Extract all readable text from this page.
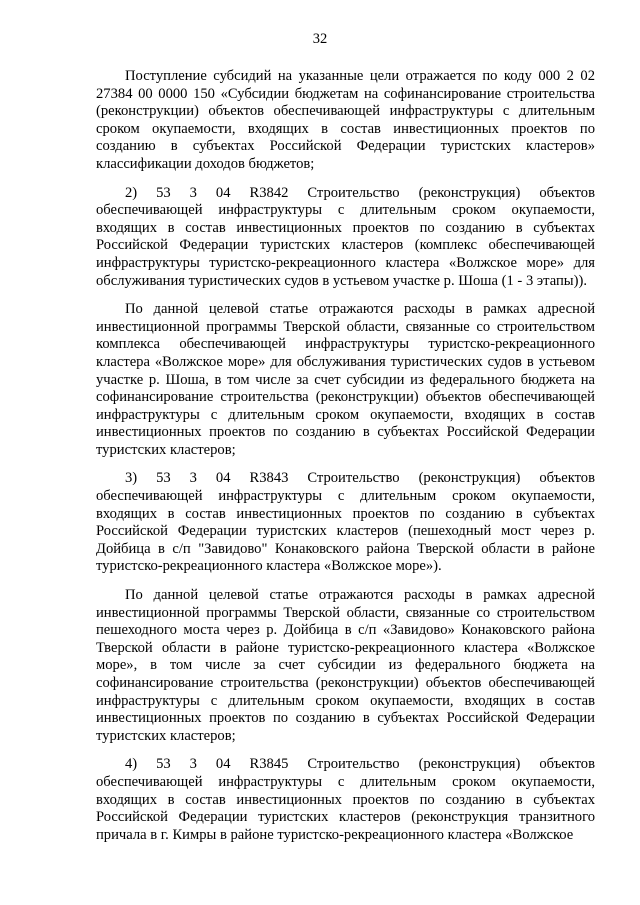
32

Поступление субсидий на указанные цели отражается по коду 000 2 02 27384 00 0000 150 «Субсидии бюджетам на софинансирование строительства (реконструкции) объектов обеспечивающей инфраструктуры с длительным сроком окупаемости, входящих в состав инвестиционных проектов по созданию в субъектах Российской Федерации туристских кластеров» классификации доходов бюджетов;

2) 53 3 04 R3842 Строительство (реконструкция) объектов обеспечивающей инфраструктуры с длительным сроком окупаемости, входящих в состав инвестиционных проектов по созданию в субъектах Российской Федерации туристских кластеров (комплекс обеспечивающей инфраструктуры туристско-рекреационного кластера «Волжское море» для обслуживания туристических судов в устьевом участке р. Шоша (1 - 3 этапы)).

По данной целевой статье отражаются расходы в рамках адресной инвестиционной программы Тверской области, связанные со строительством комплекса обеспечивающей инфраструктуры туристско-рекреационного кластера «Волжское море» для обслуживания туристических судов в устьевом участке р. Шоша, в том числе за счет субсидии из федерального бюджета на софинансирование строительства (реконструкции) объектов обеспечивающей инфраструктуры с длительным сроком окупаемости, входящих в состав инвестиционных проектов по созданию в субъектах Российской Федерации туристских кластеров;

3) 53 3 04 R3843 Строительство (реконструкция) объектов обеспечивающей инфраструктуры с длительным сроком окупаемости, входящих в состав инвестиционных проектов по созданию в субъектах Российской Федерации туристских кластеров (пешеходный мост через р. Дойбица в с/п "Завидово" Конаковского района Тверской области в районе туристско-рекреационного кластера «Волжское море»).

По данной целевой статье отражаются расходы в рамках адресной инвестиционной программы Тверской области, связанные со строительством пешеходного моста через р. Дойбица в с/п «Завидово» Конаковского района Тверской области в районе туристско-рекреационного кластера «Волжское море», в том числе за счет субсидии из федерального бюджета на софинансирование строительства (реконструкции) объектов обеспечивающей инфраструктуры с длительным сроком окупаемости, входящих в состав инвестиционных проектов по созданию в субъектах Российской Федерации туристских кластеров;

4) 53 3 04 R3845 Строительство (реконструкция) объектов обеспечивающей инфраструктуры с длительным сроком окупаемости, входящих в состав инвестиционных проектов по созданию в субъектах Российской Федерации туристских кластеров (реконструкция транзитного причала в г. Кимры в районе туристско-рекреационного кластера «Волжское
